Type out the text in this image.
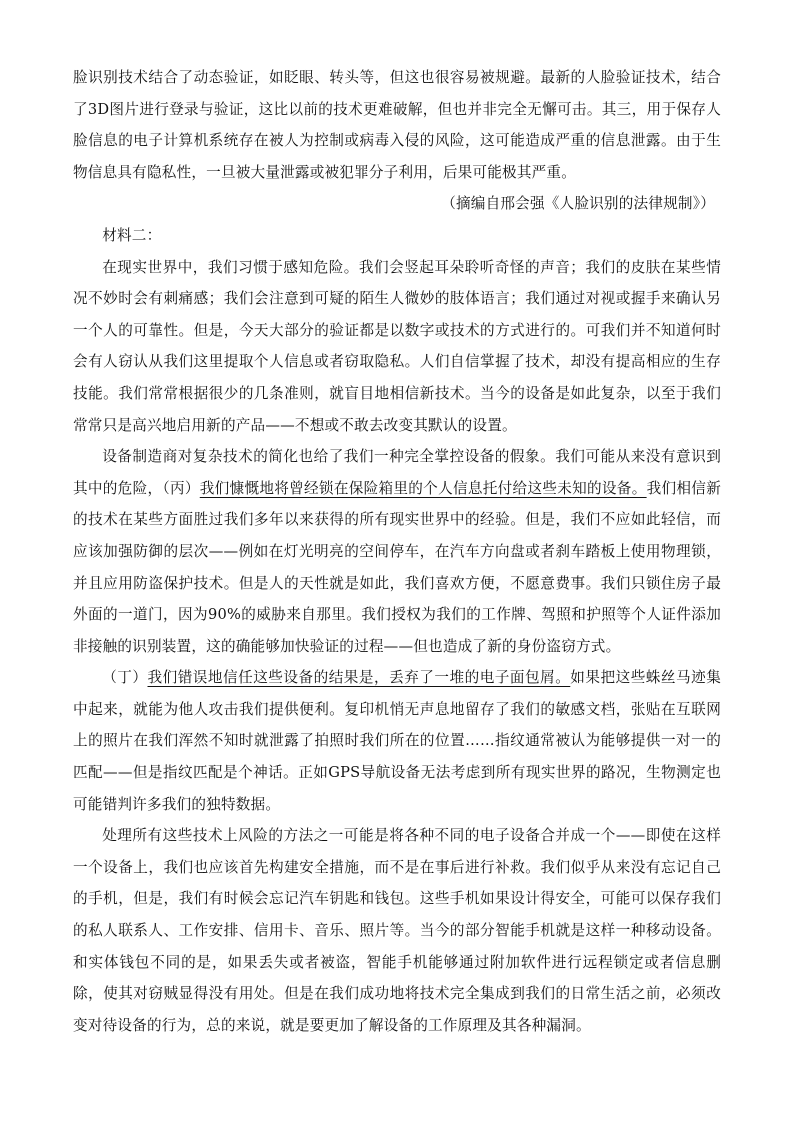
脸识别技术结合了动态验证，如眨眼、转头等，但这也很容易被规避。最新的人脸验证技术，结合了3D图片进行登录与验证，这比以前的技术更难破解，但也并非完全无懈可击。其三，用于保存人脸信息的电子计算机系统存在被人为控制或病毒入侵的风险，这可能造成严重的信息泄露。由于生物信息具有隐私性，一旦被大量泄露或被犯罪分子利用，后果可能极其严重。

（摘编自邢会强《人脸识别的法律规制》）

材料二：

在现实世界中，我们习惯于感知危险。我们会竖起耳朵聆听奇怪的声音；我们的皮肤在某些情况不妙时会有刺痛感；我们会注意到可疑的陌生人微妙的肢体语言；我们通过对视或握手来确认另一个人的可靠性。但是，今天大部分的验证都是以数字或技术的方式进行的。可我们并不知道何时会有人窃认从我们这里提取个人信息或者窃取隐私。人们自信掌握了技术，却没有提高相应的生存技能。我们常常根据很少的几条准则，就盲目地相信新技术。当今的设备是如此复杂，以至于我们常常只是高兴地启用新的产品——不想或不敢去改变其默认的设置。

设备制造商对复杂技术的简化也给了我们一种完全掌控设备的假象。我们可能从来没有意识到其中的危险，（丙）我们慷慨地将曾经锁在保险箱里的个人信息托付给这些未知的设备。我们相信新的技术在某些方面胜过我们多年以来获得的所有现实世界中的经验。但是，我们不应如此轻信，而应该加强防御的层次——例如在灯光明亮的空间停车，在汽车方向盘或者刹车踏板上使用物理锁，并且应用防盗保护技术。但是人的天性就是如此，我们喜欢方便，不愿意费事。我们只锁住房子最外面的一道门，因为90%的威胁来自那里。我们授权为我们的工作牌、驾照和护照等个人证件添加非接触的识别装置，这的确能够加快验证的过程——但也造成了新的身份盗窃方式。

（丁）我们错误地信任这些设备的结果是，丢弃了一堆的电子面包屑。如果把这些蛛丝马迹集中起来，就能为他人攻击我们提供便利。复印机悄无声息地留存了我们的敏感文档，张贴在互联网上的照片在我们浑然不知时就泄露了拍照时我们所在的位置……指纹通常被认为能够提供一对一的匹配——但是指纹匹配是个神话。正如GPS导航设备无法考虑到所有现实世界的路况，生物测定也可能错判许多我们的独特数据。

处理所有这些技术上风险的方法之一可能是将各种不同的电子设备合并成一个——即使在这样一个设备上，我们也应该首先构建安全措施，而不是在事后进行补救。我们似乎从来没有忘记自己的手机，但是，我们有时候会忘记汽车钥匙和钱包。这些手机如果设计得安全，可能可以保存我们的私人联系人、工作安排、信用卡、音乐、照片等。当今的部分智能手机就是这样一种移动设备。和实体钱包不同的是，如果丢失或者被盗，智能手机能够通过附加软件进行远程锁定或者信息删除，使其对窃贼显得没有用处。但是在我们成功地将技术完全集成到我们的日常生活之前，必须改变对待设备的行为，总的来说，就是要更加了解设备的工作原理及其各种漏洞。
